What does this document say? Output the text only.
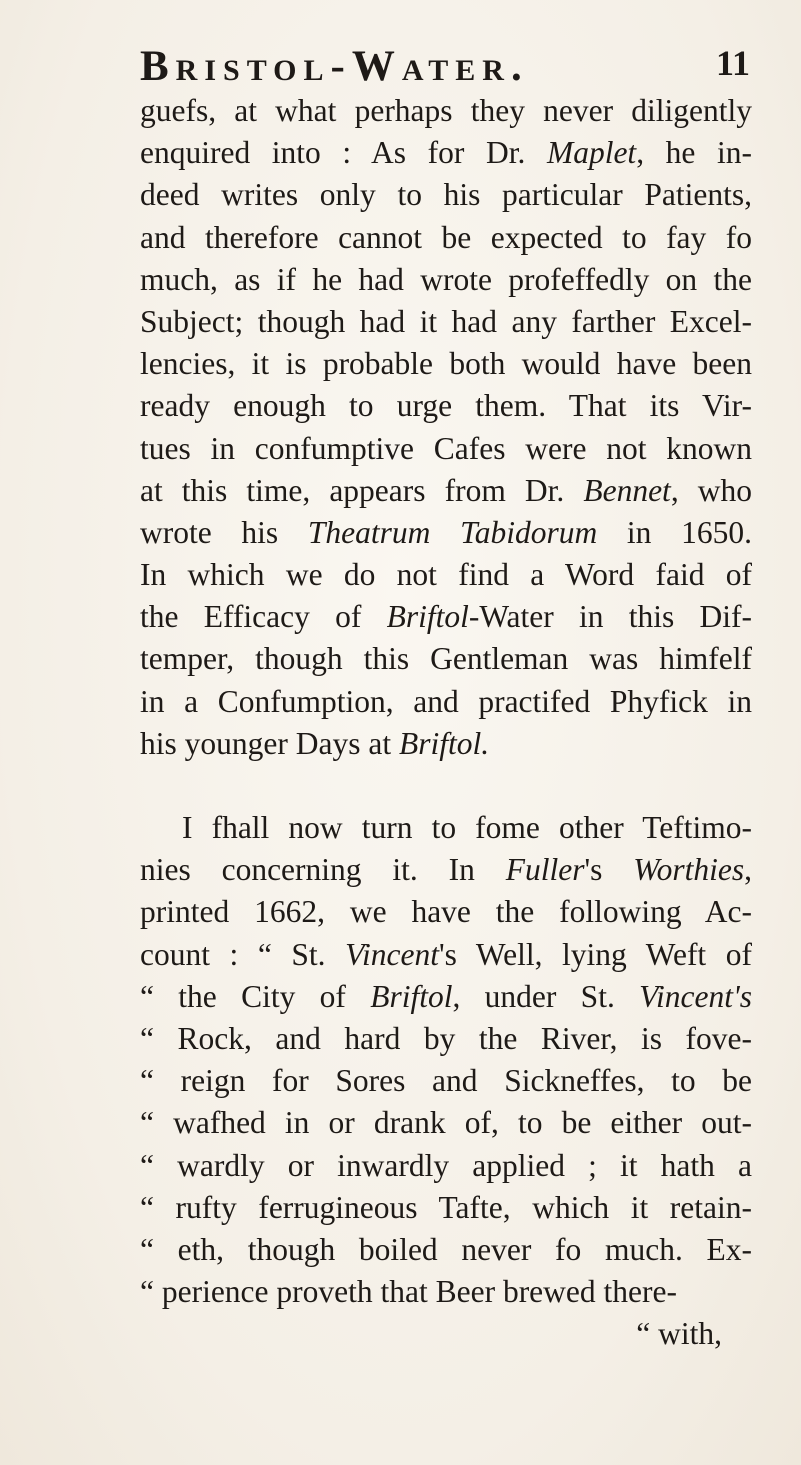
Bristol-Water.	11
guefs, at what perhaps they never diligently
enquired into : As for Dr. Maplet, he in-
deed writes only to his particular Patients,
and therefore cannot be expected to fay fo
much, as if he had wrote profeffedly on the
Subject; though had it had any farther Excel-
lencies, it is probable both would have been
ready enough to urge them. That its Vir-
tues in confumptive Cafes were not known
at this time, appears from Dr. Bennet, who
wrote his Theatrum Tabidorum in 1650.
In which we do not find a Word faid of
the Efficacy of Briftol-Water in this Dif-
temper, though this Gentleman was himfelf
in a Confumption, and practifed Phyfick in
his younger Days at Briftol.
I fhall now turn to fome other Teftimo-
nies concerning it. In Fuller's Worthies,
printed 1662, we have the following Ac-
count : “ St. Vincent's Well, lying Weft of
“ the City of Briftol, under St. Vincent's
“ Rock, and hard by the River, is fove-
“ reign for Sores and Sickneffes, to be
“ wafhed in or drank of, to be either out-
“ wardly or inwardly applied ; it hath a
“ rufty ferrugineous Tafte, which it retain-
“ eth, though boiled never fo much. Ex-
“ perience proveth that Beer brewed there-
“ with,
